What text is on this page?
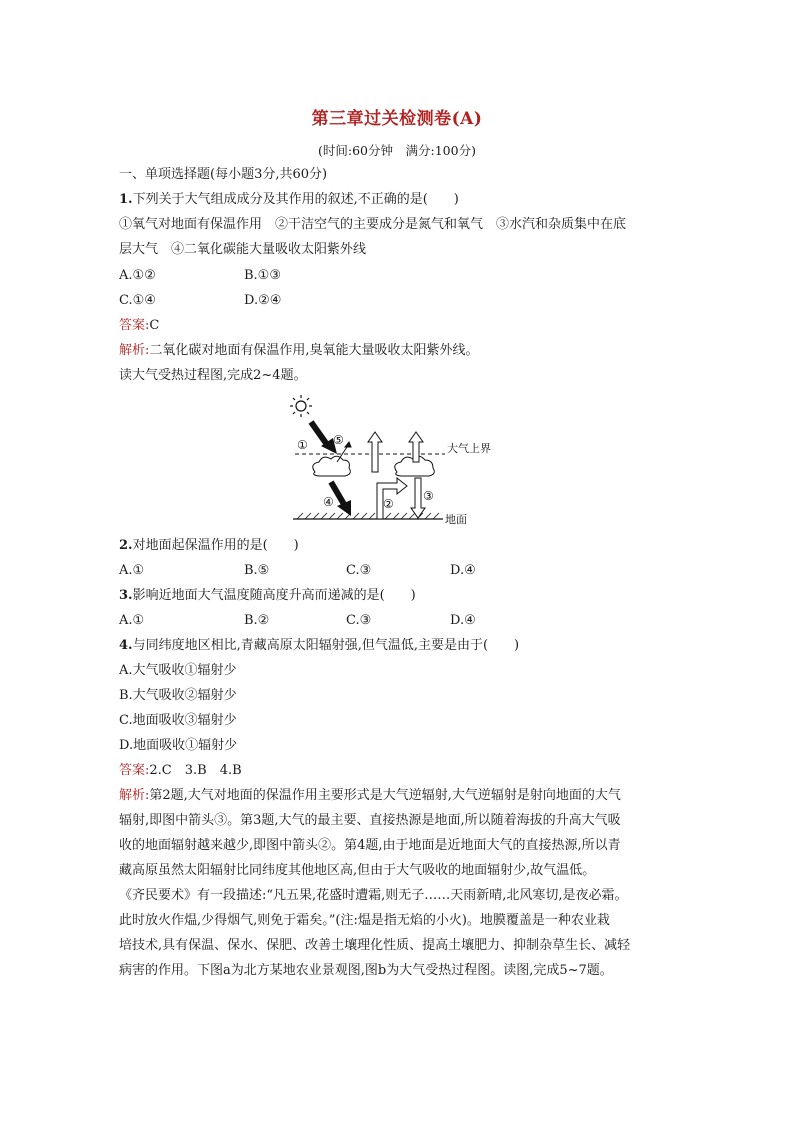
第三章过关检测卷(A)
(时间:60分钟　满分:100分)
一、单项选择题(每小题3分,共60分)
1.下列关于大气组成成分及其作用的叙述,不正确的是(　　)
①氧气对地面有保温作用　②干洁空气的主要成分是氮气和氧气　③水汽和杂质集中在底
层大气　④二氧化碳能大量吸收太阳紫外线
A.①②	B.①③
C.①④	D.②④
答案:C
解析:二氧化碳对地面有保温作用,臭氧能大量吸收太阳紫外线。
读大气受热过程图,完成2~4题。
大气上界
地面
① ⑤
④	②
③
2.对地面起保温作用的是(　　)
A.①	B.⑤	C.③	D.④
3.影响近地面大气温度随高度升高而递减的是(　　)
A.①	B.②	C.③	D.④
4.与同纬度地区相比,青藏高原太阳辐射强,但气温低,主要是由于(　　)
A.大气吸收①辐射少
B.大气吸收②辐射少
C.地面吸收③辐射少
D.地面吸收①辐射少
答案:2.C　3.B　4.B
解析:第2题,大气对地面的保温作用主要形式是大气逆辐射,大气逆辐射是射向地面的大气
辐射,即图中箭头③。第3题,大气的最主要、直接热源是地面,所以随着海拔的升高大气吸
收的地面辐射越来越少,即图中箭头②。第4题,由于地面是近地面大气的直接热源,所以青
藏高原虽然太阳辐射比同纬度其他地区高,但由于大气吸收的地面辐射少,故气温低。
《齐民要术》有一段描述:“凡五果,花盛时遭霜,则无子……天雨新晴,北风寒切,是夜必霜。
此时放火作煴,少得烟气,则免于霜矣。”(注:煴是指无焰的小火)。地膜覆盖是一种农业栽
培技术,具有保温、保水、保肥、改善土壤理化性质、提高土壤肥力、抑制杂草生长、减轻
病害的作用。下图a为北方某地农业景观图,图b为大气受热过程图。读图,完成5~7题。
